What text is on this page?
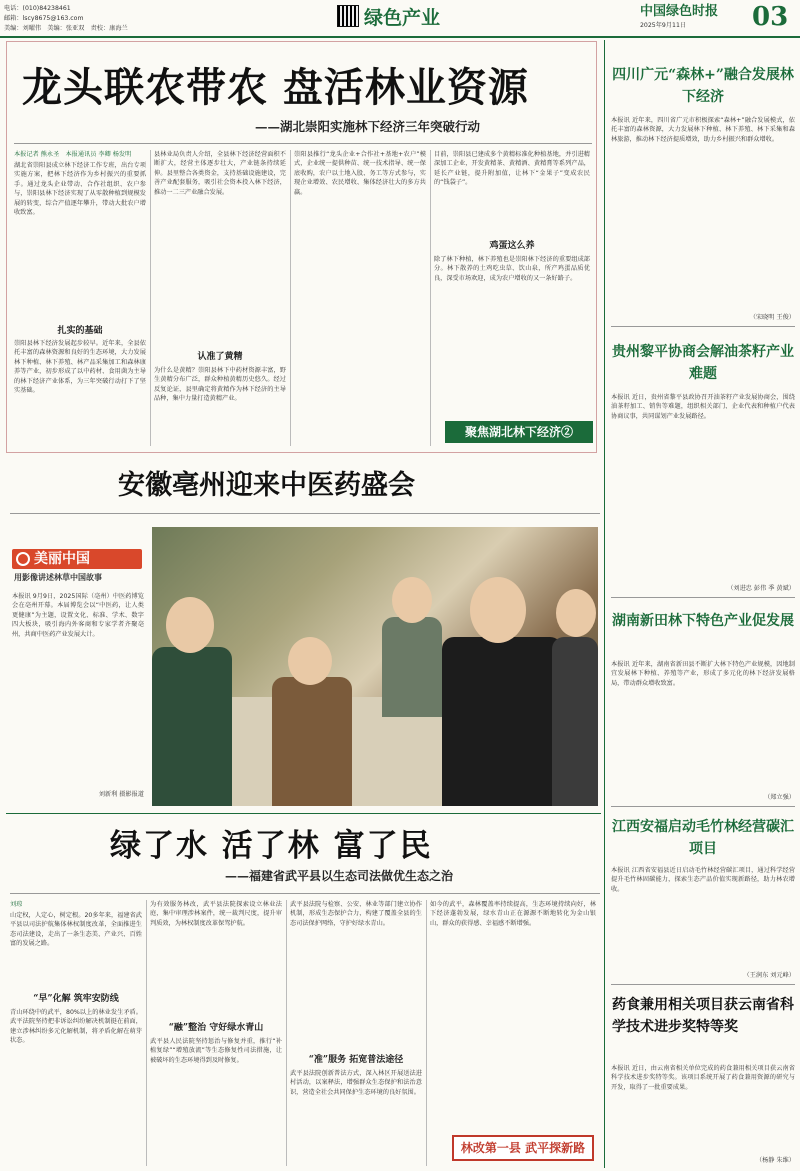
电话：(010)84238461
邮箱：lscy8675@163.com
美编：刘曜伟　美编：张亚双　责校：康海兰	绿色产业	中国绿色时报
2025年9月11日	03
龙头联农带农 盘活林业资源
——湖北崇阳实施林下经济三年突破行动
本报记者 熊永圣　本报通讯员 李卿 杨发明
湖北省崇阳县成立林下经济工作专班，出台专项实施方案，把林下经济作为乡村振兴的重要抓手。通过龙头企业带动、合作社组织、农户参与，崇阳县林下经济实现了从零散种植到规模发展的转变，综合产值逐年攀升，带动大批农户增收致富。
扎实的基础
崇阳县林下经济发展起步较早。近年来，全县依托丰富的森林资源和良好的生态环境，大力发展林下种植、林下养殖、林产品采集加工和森林康养等产业，初步形成了以中药材、食用菌为主导的林下经济产业体系，为三年突破行动打下了坚实基础。
县林业局负责人介绍，全县林下经济经营面积不断扩大，经营主体逐步壮大，产业链条持续延伸。县里整合各类资金，支持基础设施建设，完善产业配套服务，吸引社会资本投入林下经济，推动一二三产业融合发展。
认准了黄精
为什么是黄精？崇阳县林下中药材资源丰富，野生黄精分布广泛，群众种植黄精历史悠久。经过反复论证，县里确定将黄精作为林下经济的主导品种，集中力量打造黄精产业。
崇阳县推行“龙头企业+合作社+基地+农户”模式，企业统一提供种苗、统一技术指导、统一保底收购，农户以土地入股、务工等方式参与，实现企业增效、农民增收、集体经济壮大的多方共赢。
目前，崇阳县已建成多个黄精标准化种植基地，并引进精深加工企业，开发黄精茶、黄精酒、黄精膏等系列产品，延长产业链，提升附加值，让林下“金果子”变成农民的“钱袋子”。
鸡蛋这么养
除了林下种植，林下养殖也是崇阳林下经济的重要组成部分。林下散养的土鸡吃虫草、饮山泉，所产鸡蛋品质优良，深受市场欢迎，成为农户增收的又一条好路子。
聚焦湖北林下经济②
四川广元“森林+”融合发展林下经济
本报讯 近年来，四川省广元市积极探索“森林+”融合发展模式，依托丰富的森林资源，大力发展林下种植、林下养殖、林下采集和森林旅游，推动林下经济提质增效，助力乡村振兴和群众增收。
（宋晓明 王俊）
贵州黎平协商会解油茶籽产业难题
本报讯 近日，贵州省黎平县政协召开油茶籽产业发展协商会，围绕油茶籽加工、销售等难题，组织相关部门、企业代表和种植户代表协商议事，共同谋划产业发展路径。
（刘进忠 彭伟 季 黄斌）
湖南新田林下特色产业促发展
本报讯 近年来，湖南省新田县不断扩大林下特色产业规模，因地制宜发展林下种植、养殖等产业，形成了多元化的林下经济发展格局，带动群众增收致富。
（郑立强）
江西安福启动毛竹林经营碳汇项目
本报讯 江西省安福县近日启动毛竹林经营碳汇项目，通过科学经营提升毛竹林固碳能力，探索生态产品价值实现新路径，助力林农增收。
（王润东 刘元峰）
药食兼用相关项目获云南省科学技术进步奖特等奖
本报讯 近日，由云南省相关单位完成的药食兼用相关项目获云南省科学技术进步奖特等奖。该项目系统开展了药食兼用资源的研究与开发，取得了一批重要成果。
（杨静 朱维）
安徽亳州迎来中医药盛会
美丽中国
用影像讲述林草中国故事
本报讯 9月9日，2025国际（亳州）中医药博览会在亳州开幕。本届博览会以“中医药，让人类更健康”为主题，设置文化、标准、学术、数字四大板块，吸引海内外客商和专家学者齐聚亳州，共商中医药产业发展大计。
刘新利 摄影报道
绿了水 活了林 富了民
——福建省武平县以生态司法做优生态之治
刘琼
山定权，人定心，树定根。20多年来，福建省武平县以司法护航集体林权制度改革，全面推进生态司法建设，走出了一条生态美、产业兴、百姓富的发展之路。
“早”化解 筑牢安防线
青山环绕中的武平，80%以上的林业发生矛盾。武平法院坚持把非诉讼纠纷解决机制挺在前面，建立涉林纠纷多元化解机制，将矛盾化解在萌芽状态。
为有效服务林改，武平县法院探索设立林业法庭，集中审理涉林案件，统一裁判尺度，提升审判质效，为林权制度改革保驾护航。
“融”整治 守好绿水青山
武平县人民法院坚持惩治与修复并重，推行“补植复绿”“增殖放流”等生态修复性司法措施，让被破坏的生态环境得到及时修复。
武平县法院与检察、公安、林业等部门建立协作机制，形成生态保护合力，构建了覆盖全县的生态司法保护网络，守护好绿水青山。
“准”服务 拓宽普法途径
武平县法院创新普法方式，深入林区开展送法进村活动，以案释法，增强群众生态保护和法治意识，营造全社会共同保护生态环境的良好氛围。
如今的武平，森林覆盖率持续提高，生态环境持续向好，林下经济蓬勃发展，绿水青山正在源源不断地转化为金山银山，群众的获得感、幸福感不断增强。
林改第一县 武平探新路
